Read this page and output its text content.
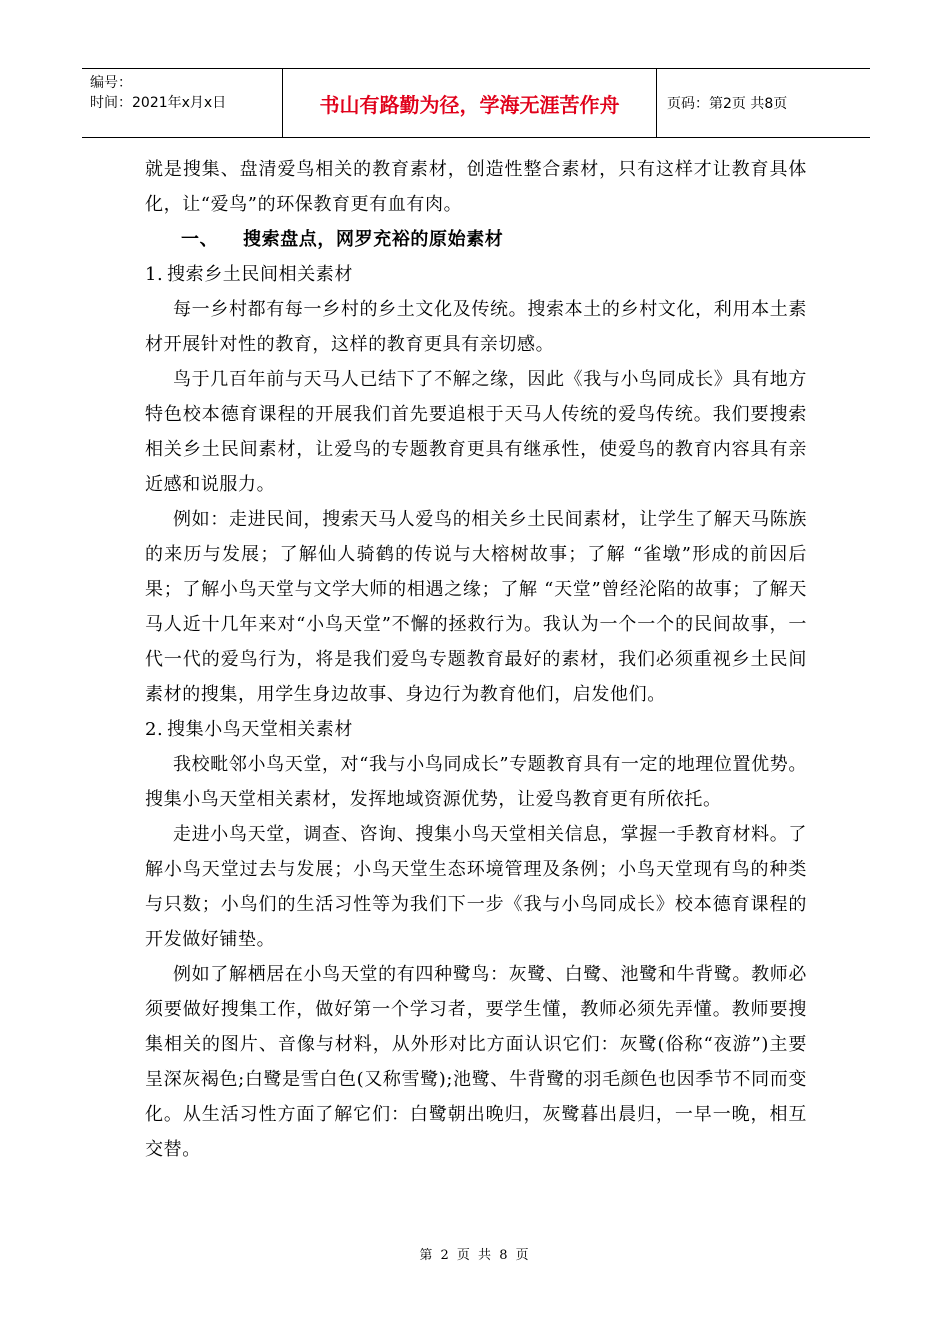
编号：
时间：2021年x月x日	书山有路勤为径，学海无涯苦作舟	页码：第2页 共8页

就是搜集、盘清爱鸟相关的教育素材，创造性整合素材，只有这样才让教育具体化，让“爱鸟”的环保教育更有血有肉。

一、 搜索盘点，网罗充裕的原始素材

1. 搜索乡土民间相关素材

每一乡村都有每一乡村的乡土文化及传统。搜索本土的乡村文化，利用本土素材开展针对性的教育，这样的教育更具有亲切感。

鸟于几百年前与天马人已结下了不解之缘，因此《我与小鸟同成长》具有地方特色校本德育课程的开展我们首先要追根于天马人传统的爱鸟传统。我们要搜索相关乡土民间素材，让爱鸟的专题教育更具有继承性，使爱鸟的教育内容具有亲近感和说服力。

例如：走进民间，搜索天马人爱鸟的相关乡土民间素材，让学生了解天马陈族的来历与发展；了解仙人骑鹤的传说与大榕树故事；了解 “雀墩”形成的前因后果；了解小鸟天堂与文学大师的相遇之缘；了解 “天堂”曾经沦陷的故事；了解天马人近十几年来对“小鸟天堂”不懈的拯救行为。我认为一个一个的民间故事，一代一代的爱鸟行为，将是我们爱鸟专题教育最好的素材，我们必须重视乡土民间素材的搜集，用学生身边故事、身边行为教育他们，启发他们。

2. 搜集小鸟天堂相关素材

我校毗邻小鸟天堂，对“我与小鸟同成长”专题教育具有一定的地理位置优势。搜集小鸟天堂相关素材，发挥地域资源优势，让爱鸟教育更有所依托。

走进小鸟天堂，调查、咨询、搜集小鸟天堂相关信息，掌握一手教育材料。了解小鸟天堂过去与发展；小鸟天堂生态环境管理及条例；小鸟天堂现有鸟的种类与只数；小鸟们的生活习性等为我们下一步《我与小鸟同成长》校本德育课程的开发做好铺垫。

例如了解栖居在小鸟天堂的有四种鹭鸟：灰鹭、白鹭、池鹭和牛背鹭。教师必须要做好搜集工作，做好第一个学习者，要学生懂，教师必须先弄懂。教师要搜集相关的图片、音像与材料，从外形对比方面认识它们：灰鹭(俗称“夜游”)主要呈深灰褐色;白鹭是雪白色(又称雪鹭);池鹭、牛背鹭的羽毛颜色也因季节不同而变化。从生活习性方面了解它们：白鹭朝出晚归，灰鹭暮出晨归，一早一晚，相互交替。

第 2 页 共 8 页
